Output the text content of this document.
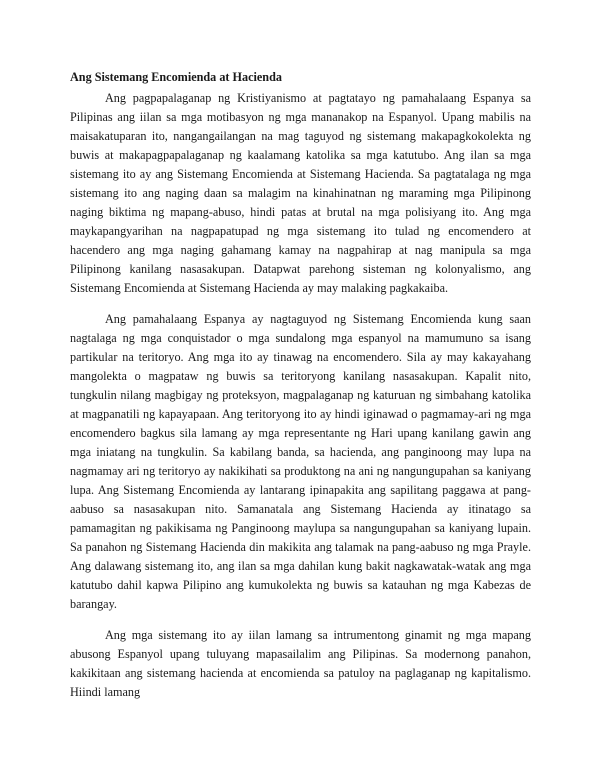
Ang Sistemang Encomienda at Hacienda

Ang pagpapalaganap ng Kristiyanismo at pagtatayo ng pamahalaang Espanya sa Pilipinas ang iilan sa mga motibasyon ng mga mananakop na Espanyol. Upang mabilis na maisakatuparan ito, nangangailangan na mag taguyod ng sistemang makapagkokolekta ng buwis at makapagpapalaganap ng kaalamang katolika sa mga katutubo. Ang ilan sa mga sistemang ito ay ang Sistemang Encomienda at Sistemang Hacienda. Sa pagtatalaga ng mga sistemang ito ang naging daan sa malagim na kinahinatnan ng maraming mga Pilipinong naging biktima ng mapang-abuso, hindi patas at brutal na mga polisiyang ito. Ang mga maykapangyarihan na nagpapatupad ng mga sistemang ito tulad ng encomendero at hacendero ang mga naging gahamang kamay na nagpahirap at nag manipula sa mga Pilipinong kanilang nasasakupan. Datapwat parehong sisteman ng kolonyalismo, ang Sistemang Encomienda at Sistemang Hacienda ay may malaking pagkakaiba.

Ang pamahalaang Espanya ay nagtaguyod ng Sistemang Encomienda kung saan nagtalaga ng mga conquistador o mga sundalong mga espanyol na mamumuno sa isang partikular na teritoryo. Ang mga ito ay tinawag na encomendero. Sila ay may kakayahang mangolekta o magpataw ng buwis sa teritoryong kanilang nasasakupan. Kapalit nito, tungkulin nilang magbigay ng proteksyon, magpalaganap ng katuruan ng simbahang katolika at magpanatili ng kapayapaan. Ang teritoryong ito ay hindi iginawad o pagmamay-ari ng mga encomendero bagkus sila lamang ay mga representante ng Hari upang kanilang gawin ang mga iniatang na tungkulin. Sa kabilang banda, sa hacienda, ang panginoong may lupa na nagmamay ari ng teritoryo ay nakikihati sa produktong na ani ng nangungupahan sa kaniyang lupa. Ang Sistemang Encomienda ay lantarang ipinapakita ang sapilitang paggawa at pang-aabuso sa nasasakupan nito. Samanatala ang Sistemang Hacienda ay itinatago sa pamamagitan ng pakikisama ng Panginoong maylupa sa nangungupahan sa kaniyang lupain. Sa panahon ng Sistemang Hacienda din makikita ang talamak na pang-aabuso ng mga Prayle. Ang dalawang sistemang ito, ang ilan sa mga dahilan kung bakit nagkawatak-watak ang mga katutubo dahil kapwa Pilipino ang kumukolekta ng buwis sa katauhan ng mga Kabezas de barangay.

Ang mga sistemang ito ay iilan lamang sa intrumentong ginamit ng mga mapang abusong Espanyol upang tuluyang mapasailalim ang Pilipinas. Sa modernong panahon, kakikitaan ang sistemang hacienda at encomienda sa patuloy na paglaganap ng kapitalismo. Hiindi lamang
